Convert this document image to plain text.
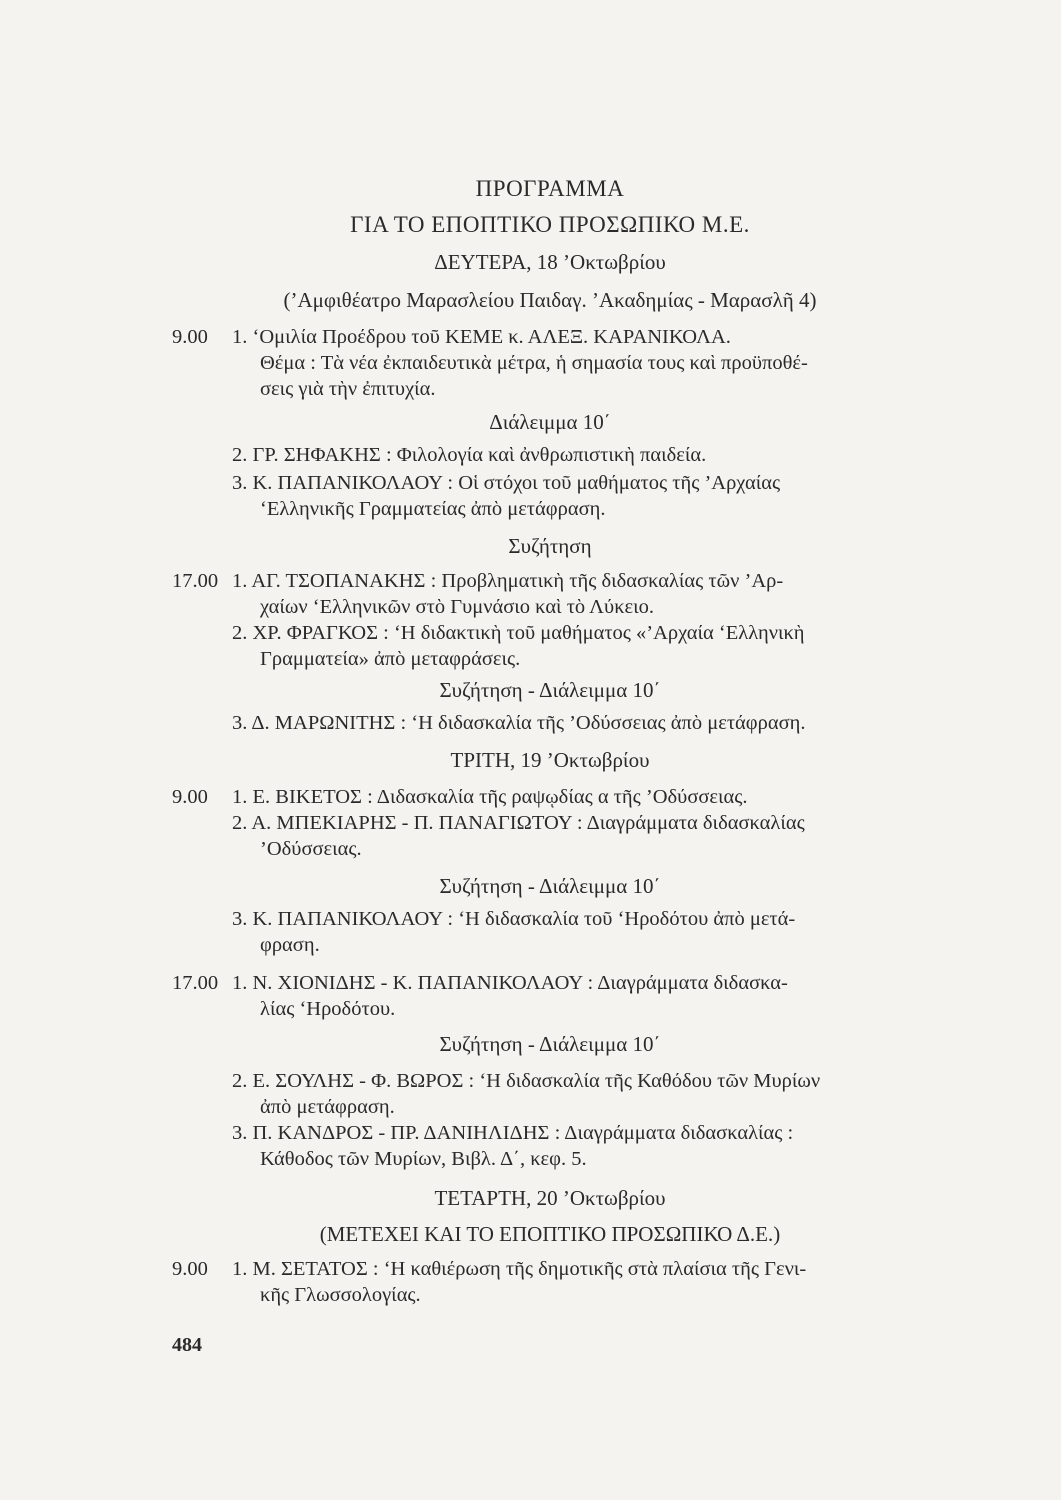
ΠΡΟΓΡΑΜΜΑ
ΓΙΑ ΤΟ ΕΠΟΠΤΙΚΟ ΠΡΟΣΩΠΙΚΟ Μ.Ε.
ΔΕΥΤΕΡΑ, 18 ’Οκτωβρίου
(’Αμφιθέατρο Μαρασλείου Παιδαγ. ’Ακαδημίας - Μαρασλῆ 4)
9.00 1. ‘Ομιλία Προέδρου τοῦ ΚΕΜΕ κ. ΑΛΕΞ. ΚΑΡΑΝΙΚΟΛΑ.
Θέμα : Τὰ νέα ἐκπαιδευτικὰ μέτρα, ἡ σημασία τους καὶ προϋποθέ-
σεις γιὰ τὴν ἐπιτυχία.
Διάλειμμα 10΄
2. ΓΡ. ΣΗΦΑΚΗΣ : Φιλολογία καὶ ἀνθρωπιστικὴ παιδεία.
3. Κ. ΠΑΠΑΝΙΚΟΛΑΟΥ : Οἱ στόχοι τοῦ μαθήματος τῆς ’Αρχαίας
‘Ελληνικῆς Γραμματείας ἀπὸ μετάφραση.
Συζήτηση
17.00 1. ΑΓ. ΤΣΟΠΑΝΑΚΗΣ : Προβληματικὴ τῆς διδασκαλίας τῶν ’Αρ-
χαίων ‘Ελληνικῶν στὸ Γυμνάσιο καὶ τὸ Λύκειο.
2. ΧΡ. ΦΡΑΓΚΟΣ : ‘Η διδακτικὴ τοῦ μαθήματος «’Αρχαία ‘Ελληνικὴ
Γραμματεία» ἀπὸ μεταφράσεις.
Συζήτηση - Διάλειμμα 10΄
3. Δ. ΜΑΡΩΝΙΤΗΣ : ‘Η διδασκαλία τῆς ’Οδύσσειας ἀπὸ μετάφραση.
ΤΡΙΤΗ, 19 ’Οκτωβρίου
9.00 1. Ε. ΒΙΚΕΤΟΣ : Διδασκαλία τῆς ραψῳδίας α τῆς ’Οδύσσειας.
2. Α. ΜΠΕΚΙΑΡΗΣ - Π. ΠΑΝΑΓΙΩΤΟΥ : Διαγράμματα διδασκαλίας
’Οδύσσειας.
Συζήτηση - Διάλειμμα 10΄
3. Κ. ΠΑΠΑΝΙΚΟΛΑΟΥ : ‘Η διδασκαλία τοῦ ‘Ηροδότου ἀπὸ μετά-
φραση.
17.00 1. Ν. ΧΙΟΝΙΔΗΣ - Κ. ΠΑΠΑΝΙΚΟΛΑΟΥ : Διαγράμματα διδασκα-
λίας ‘Ηροδότου.
Συζήτηση - Διάλειμμα 10΄
2. Ε. ΣΟΥΛΗΣ - Φ. ΒΩΡΟΣ : ‘Η διδασκαλία τῆς Καθόδου τῶν Μυρίων
ἀπὸ μετάφραση.
3. Π. ΚΑΝΔΡΟΣ - ΠΡ. ΔΑΝΙΗΛΙΔΗΣ : Διαγράμματα διδασκαλίας :
Κάθοδος τῶν Μυρίων, Βιβλ. Δ΄, κεφ. 5.
ΤΕΤΑΡΤΗ, 20 ’Οκτωβρίου
(ΜΕΤΕΧΕΙ ΚΑΙ ΤΟ ΕΠΟΠΤΙΚΟ ΠΡΟΣΩΠΙΚΟ Δ.Ε.)
9.00 1. Μ. ΣΕΤΑΤΟΣ : ‘Η καθιέρωση τῆς δημοτικῆς στὰ πλαίσια τῆς Γενι-
κῆς Γλωσσολογίας.
484
